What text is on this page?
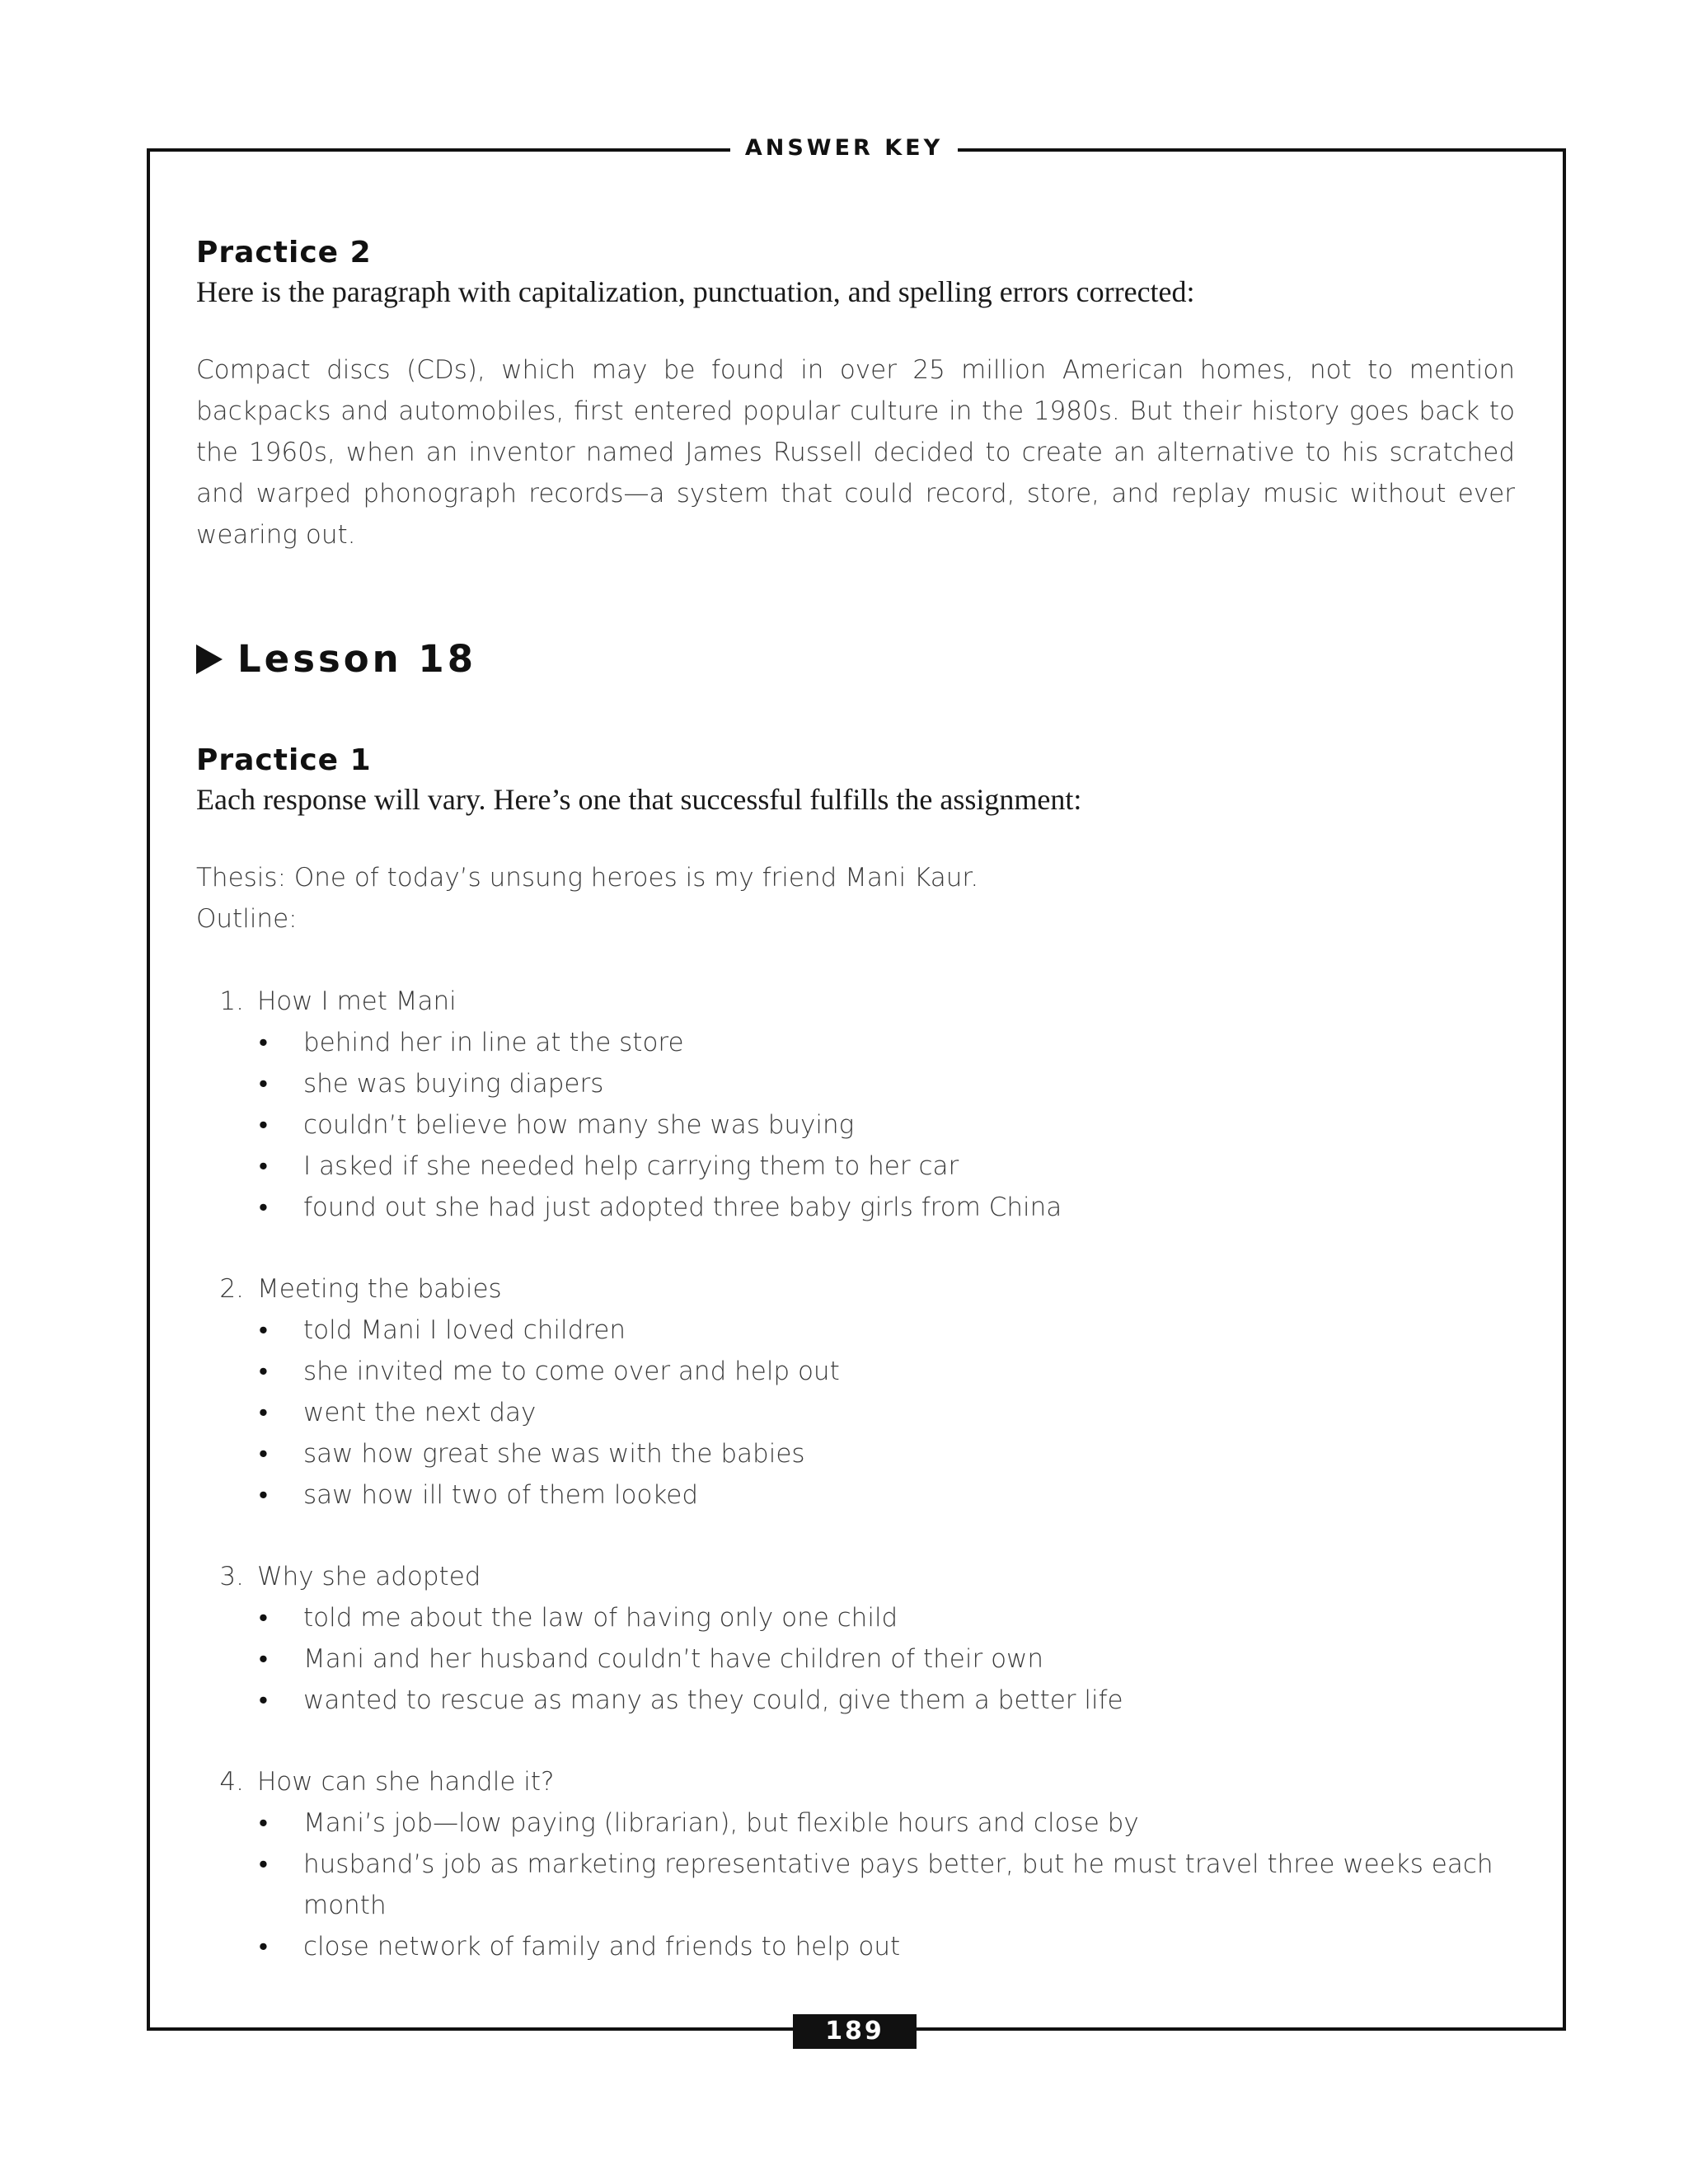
ANSWER KEY
Practice 2

Here is the paragraph with capitalization, punctuation, and spelling errors corrected:

Compact discs (CDs), which may be found in over 25 million American homes, not to mention backpacks and automobiles, first entered popular culture in the 1980s. But their history goes back to the 1960s, when an inventor named James Russell decided to create an alternative to his scratched and warped phonograph records—a system that could record, store, and replay music without ever wearing out.

Lesson 18
Practice 1

Each response will vary. Here’s one that successful fulfills the assignment:

Thesis: One of today’s unsung heroes is my friend Mani Kaur.
Outline:
1. How I met Mani
• behind her in line at the store
• she was buying diapers
• couldn’t believe how many she was buying
• I asked if she needed help carrying them to her car
• found out she had just adopted three baby girls from China
2. Meeting the babies
• told Mani I loved children
• she invited me to come over and help out
• went the next day
• saw how great she was with the babies
• saw how ill two of them looked
3. Why she adopted
• told me about the law of having only one child
• Mani and her husband couldn’t have children of their own
• wanted to rescue as many as they could, give them a better life
4. How can she handle it?
• Mani’s job—low paying (librarian), but flexible hours and close by
• husband’s job as marketing representative pays better, but he must travel three weeks each month
• close network of family and friends to help out
189
